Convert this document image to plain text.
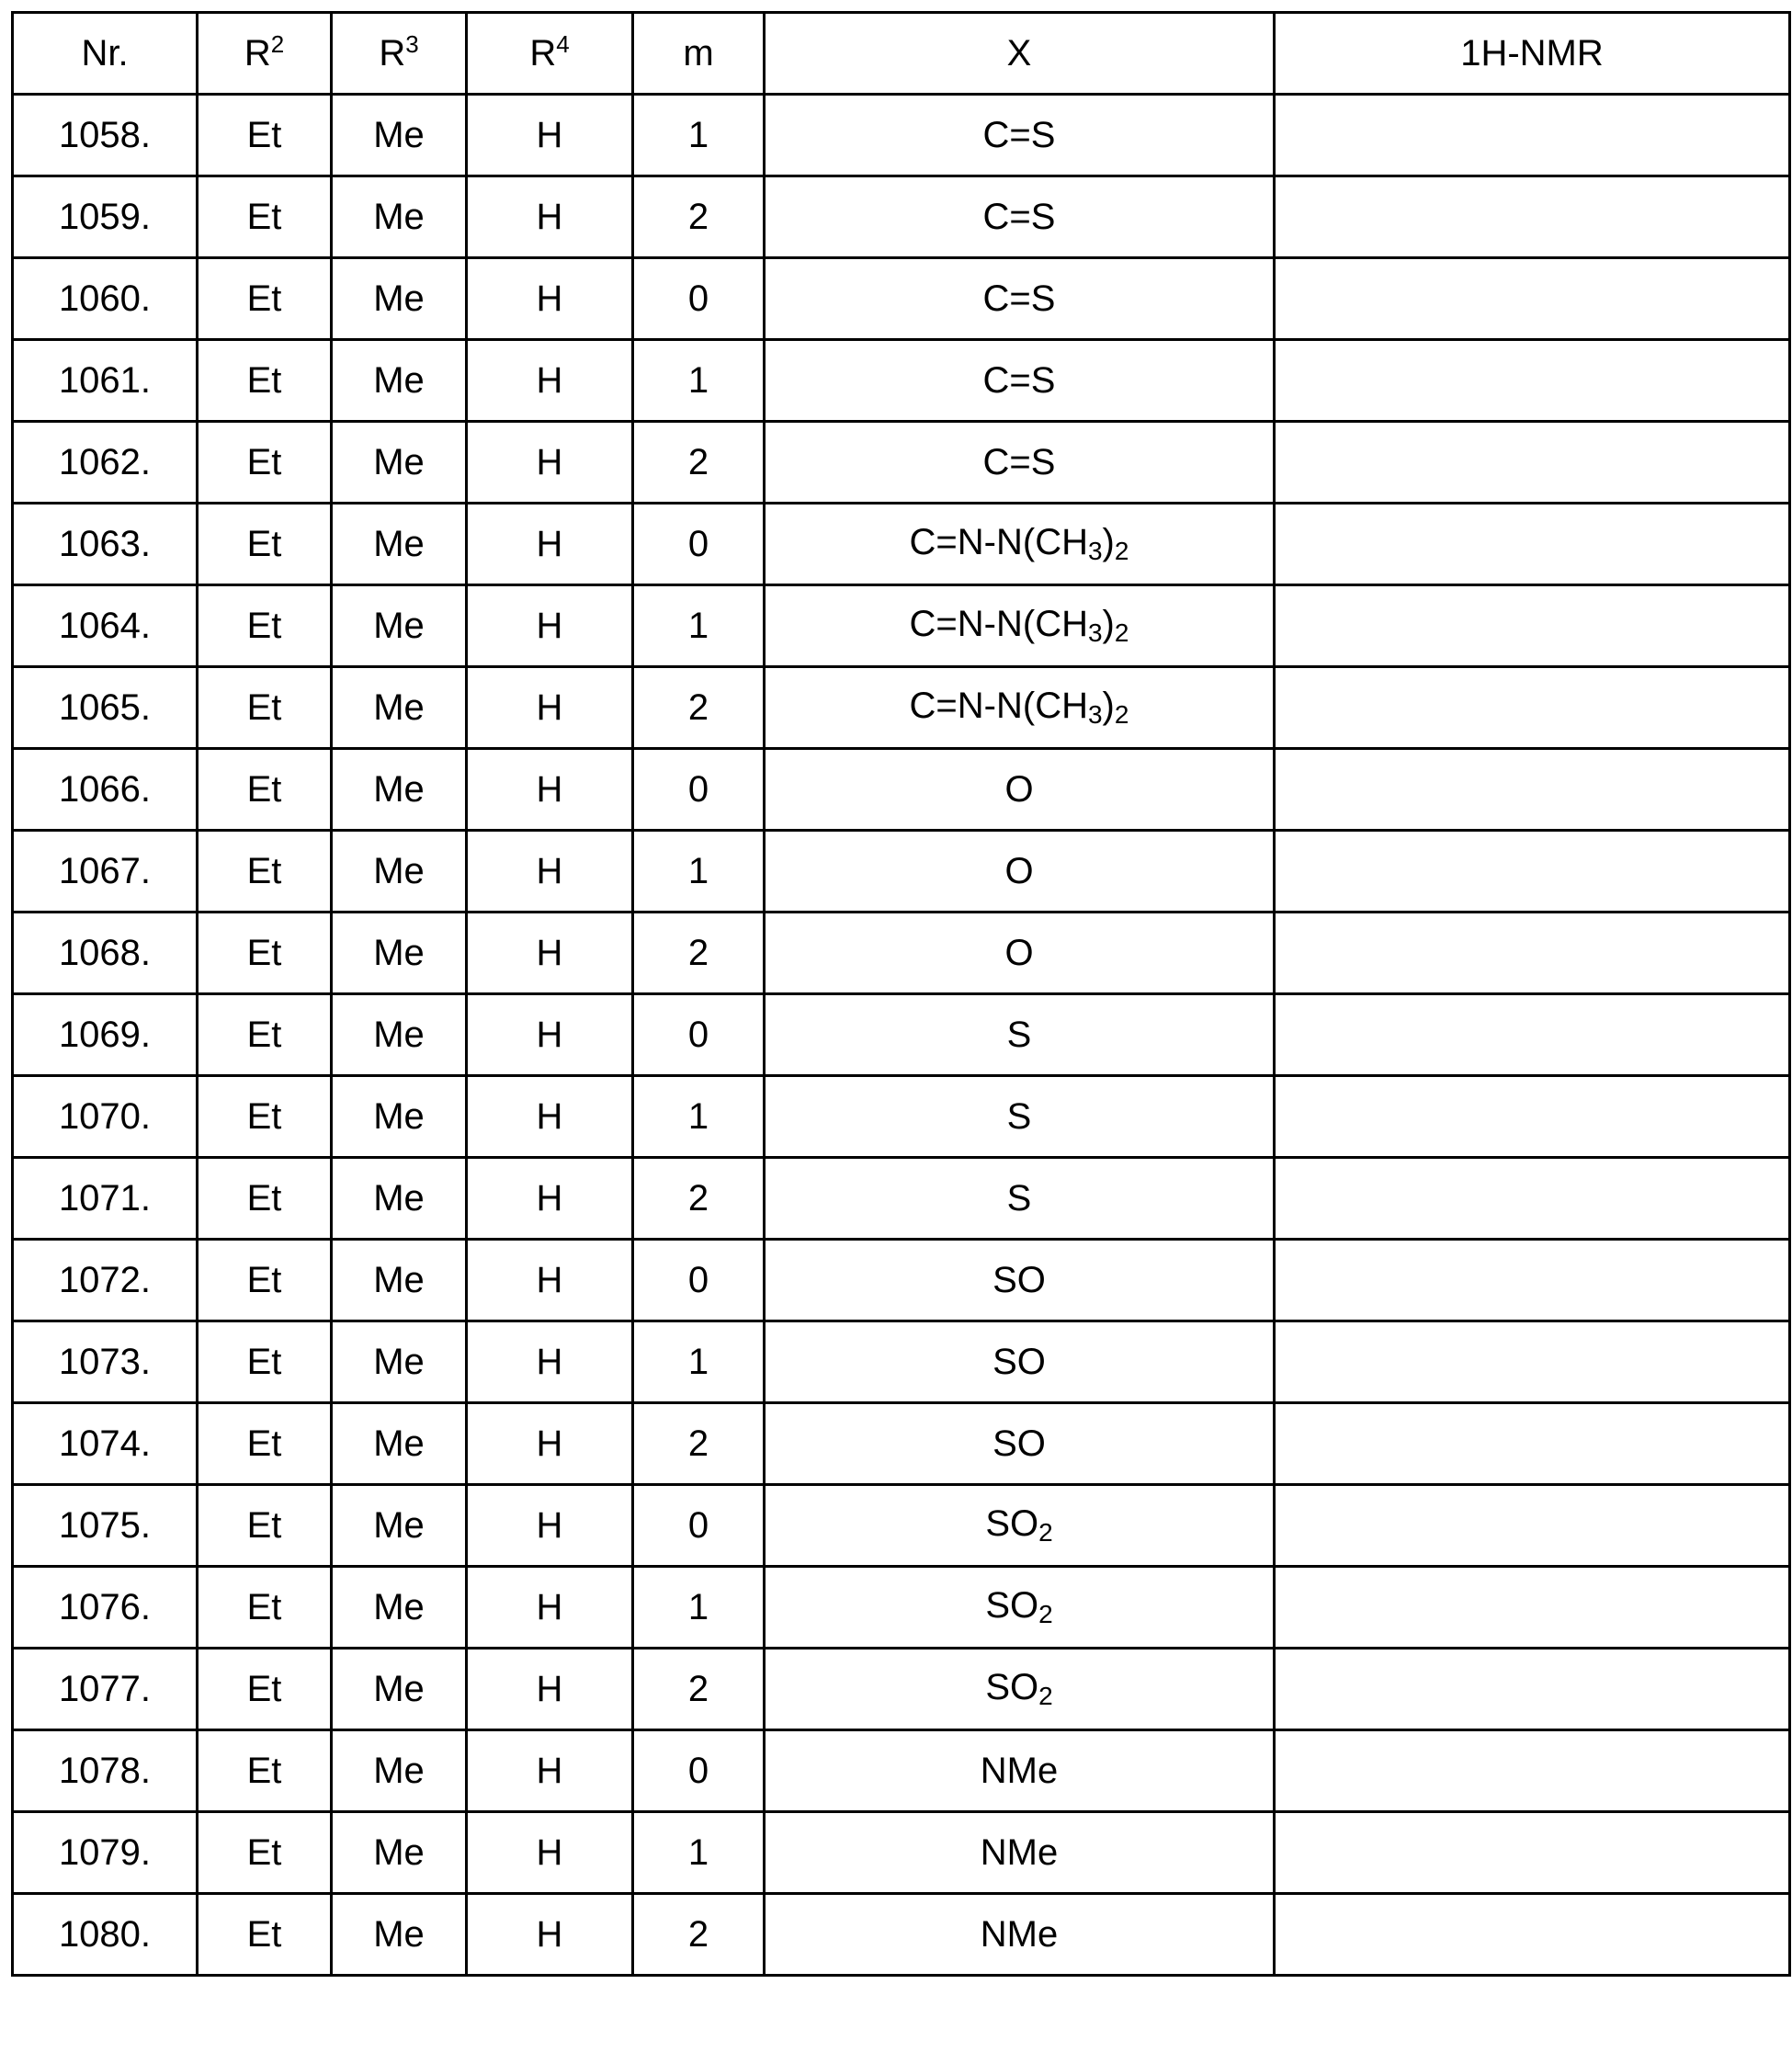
Nr.	$R^2$	$R^3$	$R^4$	m	X	1H-NMR
1058.	Et	Me	H	1	C=S	
1059.	Et	Me	H	2	C=S	
1060.	Et	Me	H	0	C=S	
1061.	Et	Me	H	1	C=S	
1062.	Et	Me	H	2	C=S	
1063.	Et	Me	H	0	$C=N-N(CH_3)_2$	
1064.	Et	Me	H	1	$C=N-N(CH_3)_2$	
1065.	Et	Me	H	2	$C=N-N(CH_3)_2$	
1066.	Et	Me	H	0	O	
1067.	Et	Me	H	1	O	
1068.	Et	Me	H	2	O	
1069.	Et	Me	H	0	S	
1070.	Et	Me	H	1	S	
1071.	Et	Me	H	2	S	
1072.	Et	Me	H	0	SO	
1073.	Et	Me	H	1	SO	
1074.	Et	Me	H	2	SO	
1075.	Et	Me	H	0	$SO_2$	
1076.	Et	Me	H	1	$SO_2$	
1077.	Et	Me	H	2	$SO_2$	
1078.	Et	Me	H	0	NMe	
1079.	Et	Me	H	1	NMe	
1080.	Et	Me	H	2	NMe	
